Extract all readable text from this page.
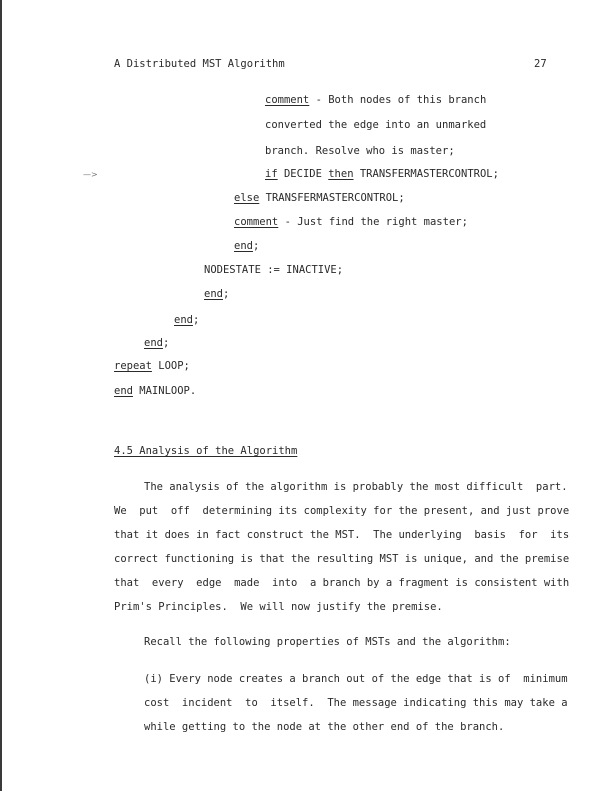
—>
A Distributed MST Algorithm	27
comment - Both nodes of this branch
converted the edge into an unmarked
branch. Resolve who is master;
if DECIDE then TRANSFERMASTERCONTROL;
else TRANSFERMASTERCONTROL;
comment - Just find the right master;
end;
NODESTATE := INACTIVE;
end;
end;
end;
repeat LOOP;
end MAINLOOP.
4.5 Analysis of the Algorithm
The analysis of the algorithm is probably the most difficult  part.
We  put  off  determining its complexity for the present, and just prove
that it does in fact construct the MST.  The underlying  basis  for  its
correct functioning is that the resulting MST is unique, and the premise
that  every  edge  made  into  a branch by a fragment is consistent with
Prim's Principles.  We will now justify the premise.
Recall the following properties of MSTs and the algorithm:
(i) Every node creates a branch out of the edge that is of  minimum
cost  incident  to  itself.  The message indicating this may take a
while getting to the node at the other end of the branch.
